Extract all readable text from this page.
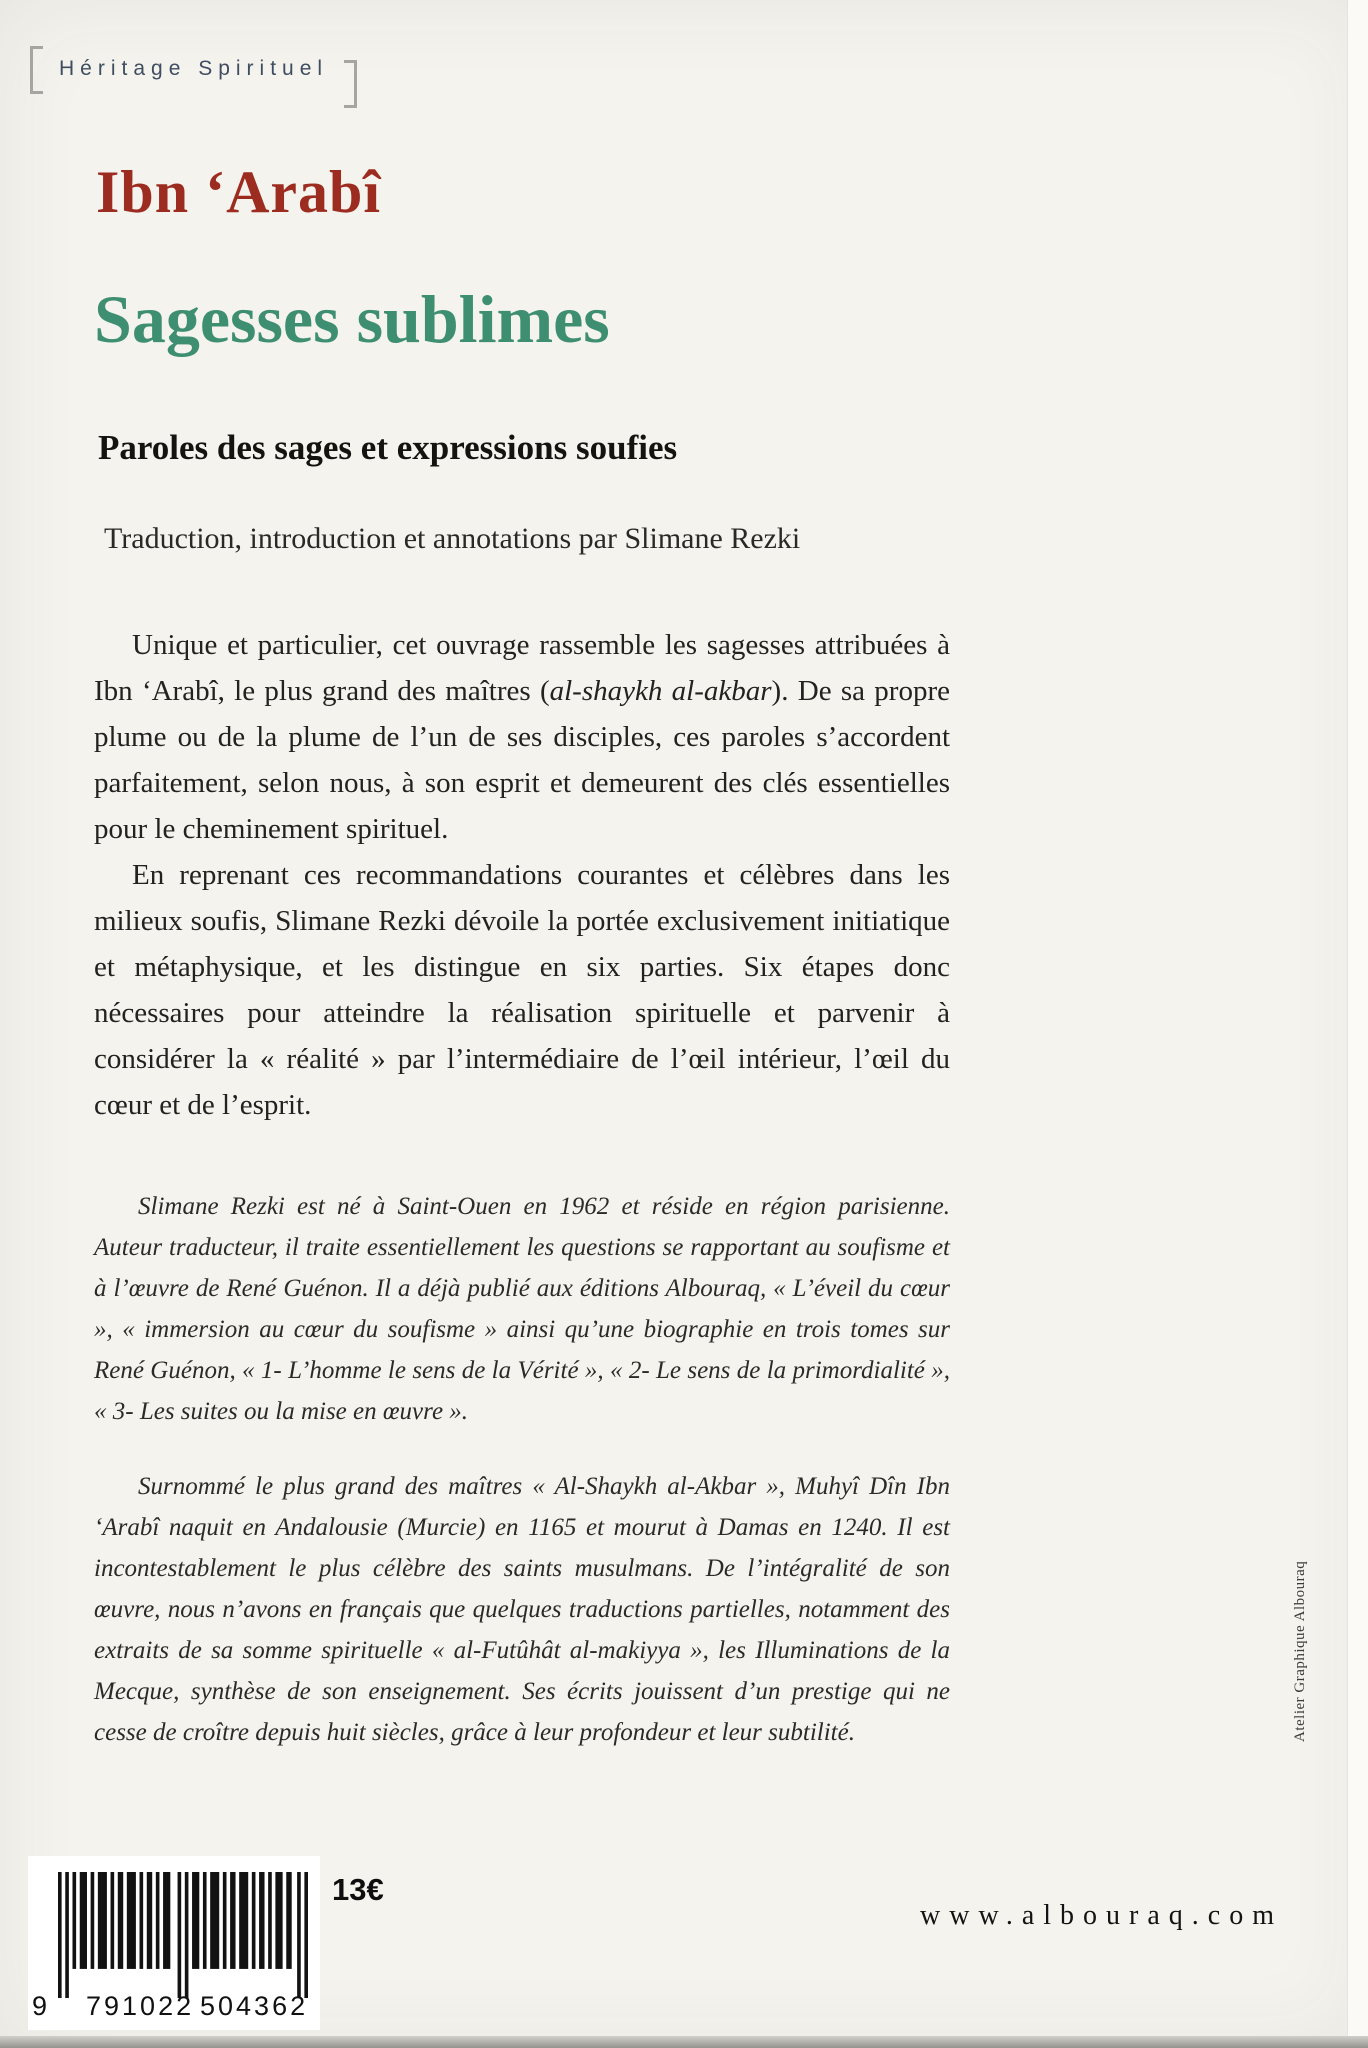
Héritage Spirituel
Ibn ‘Arabî
Sagesses sublimes
Paroles des sages et expressions soufies
Traduction, introduction et annotations par Slimane Rezki

Unique et particulier, cet ouvrage rassemble les sagesses attribuées à Ibn ‘Arabî, le plus grand des maîtres (al-shaykh al-akbar). De sa propre plume ou de la plume de l’un de ses disciples, ces paroles s’accordent parfaitement, selon nous, à son esprit et demeurent des clés essentielles pour le cheminement spirituel.

En reprenant ces recommandations courantes et célèbres dans les milieux soufis, Slimane Rezki dévoile la portée exclusivement initiatique et métaphysique, et les distingue en six parties. Six étapes donc nécessaires pour atteindre la réalisation spirituelle et parvenir à considérer la « réalité » par l’intermédiaire de l’œil intérieur, l’œil du cœur et de l’esprit.

Slimane Rezki est né à Saint-Ouen en 1962 et réside en région parisienne. Auteur traducteur, il traite essentiellement les questions se rapportant au soufisme et à l’œuvre de René Guénon. Il a déjà publié aux éditions Albouraq, « L’éveil du cœur », « immersion au cœur du soufisme » ainsi qu’une biographie en trois tomes sur René Guénon, « 1- L’homme le sens de la Vérité », « 2- Le sens de la primordialité », « 3- Les suites ou la mise en œuvre ».

Surnommé le plus grand des maîtres « Al-Shaykh al-Akbar », Muhyî Dîn Ibn ‘Arabî naquit en Andalousie (Murcie) en 1165 et mourut à Damas en 1240. Il est incontestablement le plus célèbre des saints musulmans. De l’intégralité de son œuvre, nous n’avons en français que quelques traductions partielles, notamment des extraits de sa somme spirituelle « al-Futûhât al-makiyya », les Illuminations de la Mecque, synthèse de son enseignement. Ses écrits jouissent d’un prestige qui ne cesse de croître depuis huit siècles, grâce à leur profondeur et leur subtilité.

9 791022 504362
13€
www.albouraq.com
Atelier Graphique Albouraq
